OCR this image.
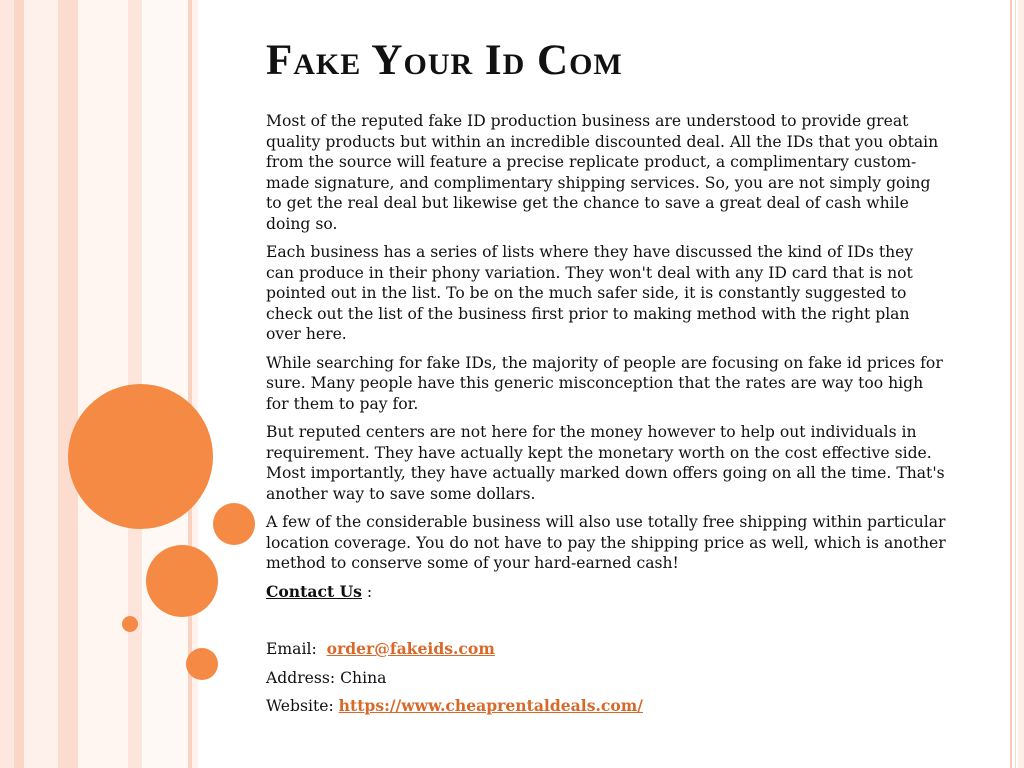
Fake Your Id Com

Most of the reputed fake ID production business are understood to provide great quality products but within an incredible discounted deal. All the IDs that you obtain from the source will feature a precise replicate product, a complimentary custom-made signature, and complimentary shipping services. So, you are not simply going to get the real deal but likewise get the chance to save a great deal of cash while doing so.

Each business has a series of lists where they have discussed the kind of IDs they can produce in their phony variation. They won't deal with any ID card that is not pointed out in the list. To be on the much safer side, it is constantly suggested to check out the list of the business first prior to making method with the right plan over here.

While searching for fake IDs, the majority of people are focusing on fake id prices for sure. Many people have this generic misconception that the rates are way too high for them to pay for.

But reputed centers are not here for the money however to help out individuals in requirement. They have actually kept the monetary worth on the cost effective side. Most importantly, they have actually marked down offers going on all the time. That's another way to save some dollars.

A few of the considerable business will also use totally free shipping within particular location coverage. You do not have to pay the shipping price as well, which is another method to conserve some of your hard-earned cash!

Contact Us :
Email:  order@fakeids.com
Address: China
Website: https://www.cheaprentaldeals.com/
